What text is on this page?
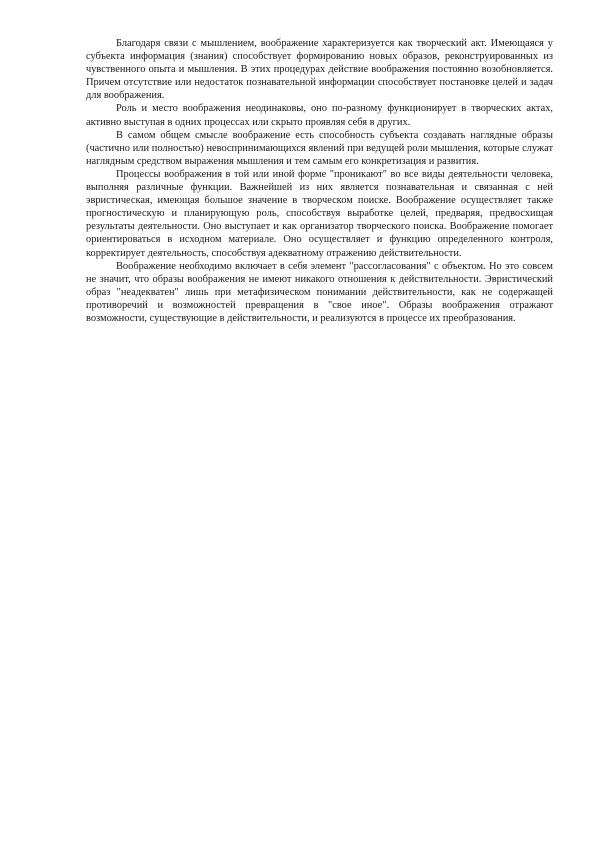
Благодаря связи с мышлением, воображение характеризуется как творческий акт. Имеющаяся у субъекта информация (знания) способствует формированию новых образов, реконструированных из чувственного опыта и мышления. В этих процедурах действие воображения постоянно возобновляется. Причем отсутствие или недостаток познавательной информации способствует постановке целей и задач для воображения.

Роль и место воображения неодинаковы, оно по-разному функционирует в творческих актах, активно выступая в одних процессах или скрыто проявляя себя в других.

В самом общем смысле воображение есть способность субъекта создавать наглядные образы (частично или полностью) невоспринимающихся явлений при ведущей роли мышления, которые служат наглядным средством выражения мышления и тем самым его конкретизация и развития.

Процессы воображения в той или иной форме "проникают" во все виды деятельности человека, выполняя различные функции. Важнейшей из них является познавательная и связанная с ней эвристическая, имеющая большое значение в творческом поиске. Воображение осуществляет также прогностическую и планирующую роль, способствуя выработке целей, предваряя, предвосхищая результаты деятельности. Оно выступает и как организатор творческого поиска. Воображение помогает ориентироваться в исходном материале. Оно осуществляет и функцию определенного контроля, корректирует деятельность, способствуя адекватному отражению действительности.

Воображение необходимо включает в себя элемент "рассогласования" с объектом. Но это совсем не значит, что образы воображения не имеют никакого отношения к действительности. Эвристический образ "неадекватен" лишь при метафизическом понимании действительности, как не содержащей противоречий и возможностей превращения в "свое иное". Образы воображения отражают возможности, существующие в действительности, и реализуются в процессе их преобразования.
